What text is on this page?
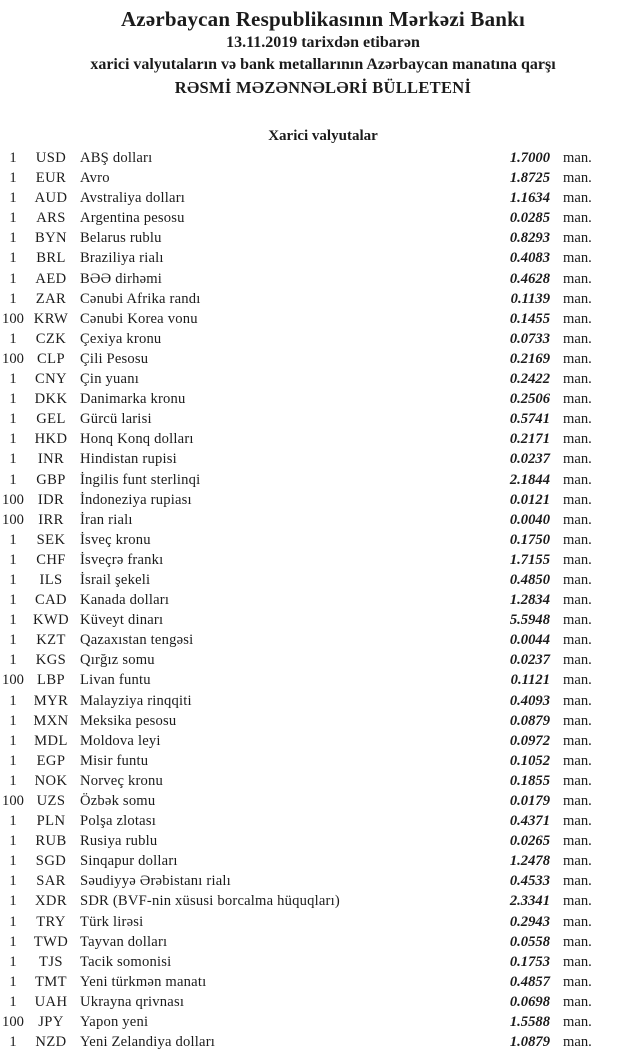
Azərbaycan Respublikasının Mərkəzi Bankı
13.11.2019 tarixdən etibarən
xarici valyutaların və bank metallarının Azərbaycan manatına qarşı
RƏSMİ MƏZƏNNƏLƏRİ BÜLLETENİ
Xarici valyutalar
1	USD ABŞ dolları	1.7000 man.
1	EUR Avro	1.8725 man.
1	AUD Avstraliya dolları	1.1634 man.
1	ARS Argentina pesosu	0.0285 man.
1	BYN Belarus rublu	0.8293 man.
1	BRL Braziliya rialı	0.4083 man.
1	AED BƏƏ dirhəmi	0.4628 man.
1	ZAR Cənubi Afrika randı	0.1139 man.
100 KRW Cənubi Korea vonu	0.1455 man.
1	CZK Çexiya kronu	0.0733 man.
100 CLP	Çili Pesosu	0.2169 man.
1	CNY Çin yuanı	0.2422 man.
1	DKK Danimarka kronu	0.2506 man.
1	GEL Gürcü larisi	0.5741 man.
1	HKD Honq Konq dolları	0.2171 man.
1	INR	Hindistan rupisi	0.0237 man.
1	GBP İngilis funt sterlinqi	2.1844 man.
100 IDR	İndoneziya rupiası	0.0121 man.
100 IRR	İran rialı	0.0040 man.
1	SEK	İsveç kronu	0.1750 man.
1	CHF İsveçrə frankı	1.7155 man.
1	ILS	İsrail şekeli	0.4850 man.
1	CAD Kanada dolları	1.2834 man.
1	KWD Küveyt dinarı	5.5948 man.
1	KZT Qazaxıstan tengəsi	0.0044 man.
1	KGS Qırğız somu	0.0237 man.
100 LBP	Livan funtu	0.1121 man.
1	MYR Malayziya rinqqiti	0.4093 man.
1	MXN Meksika pesosu	0.0879 man.
1	MDL Moldova leyi	0.0972 man.
1	EGP	Misir funtu	0.1052 man.
1	NOK Norveç kronu	0.1855 man.
100 UZS	Özbək somu	0.0179 man.
1	PLN	Polşa zlotası	0.4371 man.
1	RUB Rusiya rublu	0.0265 man.
1	SGD Sinqapur dolları	1.2478 man.
1	SAR Səudiyyə Ərəbistanı rialı	0.4533 man.
1	XDR SDR (BVF-nin xüsusi borcalma hüquqları)	2.3341 man.
1	TRY Türk lirəsi	0.2943 man.
1	TWD Tayvan dolları	0.0558 man.
1	TJS	Tacik somonisi	0.1753 man.
1	TMT Yeni türkmən manatı	0.4857 man.
1	UAH Ukrayna qrivnası	0.0698 man.
100 JPY	Yapon yeni	1.5588 man.
1	NZD Yeni Zelandiya dolları	1.0879 man.
